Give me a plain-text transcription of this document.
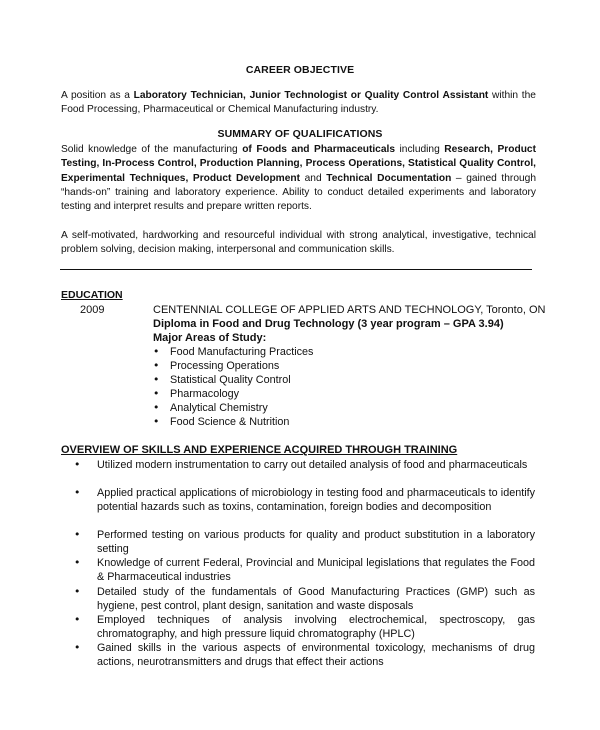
CAREER OBJECTIVE
A position as a Laboratory Technician, Junior Technologist or Quality Control Assistant within the Food Processing, Pharmaceutical or Chemical Manufacturing industry.
SUMMARY OF QUALIFICATIONS
Solid knowledge of the manufacturing of Foods and Pharmaceuticals including Research, Product Testing, In-Process Control, Production Planning, Process Operations, Statistical Quality Control, Experimental Techniques, Product Development and Technical Documentation – gained through “hands-on” training and laboratory experience. Ability to conduct detailed experiments and laboratory testing and interpret results and prepare written reports.
A self-motivated, hardworking and resourceful individual with strong analytical, investigative, technical problem solving, decision making, interpersonal and communication skills.
EDUCATION
2009	CENTENNIAL COLLEGE OF APPLIED ARTS AND TECHNOLOGY, Toronto, ON
Diploma in Food and Drug Technology (3 year program – GPA 3.94)
Major Areas of Study:
• Food Manufacturing Practices
• Processing Operations
• Statistical Quality Control
• Pharmacology
• Analytical Chemistry
• Food Science & Nutrition
OVERVIEW OF SKILLS AND EXPERIENCE ACQUIRED THROUGH TRAINING
• Utilized modern instrumentation to carry out detailed analysis of food and pharmaceuticals
• Applied practical applications of microbiology in testing food and pharmaceuticals to identify potential hazards such as toxins, contamination, foreign bodies and decomposition
• Performed testing on various products for quality and product substitution in a laboratory setting
• Knowledge of current Federal, Provincial and Municipal legislations that regulates the Food & Pharmaceutical industries
• Detailed study of the fundamentals of Good Manufacturing Practices (GMP) such as hygiene, pest control, plant design, sanitation and waste disposals
• Employed techniques of analysis involving electrochemical, spectroscopy, gas chromatography, and high pressure liquid chromatography (HPLC)
• Gained skills in the various aspects of environmental toxicology, mechanisms of drug actions, neurotransmitters and drugs that effect their actions
